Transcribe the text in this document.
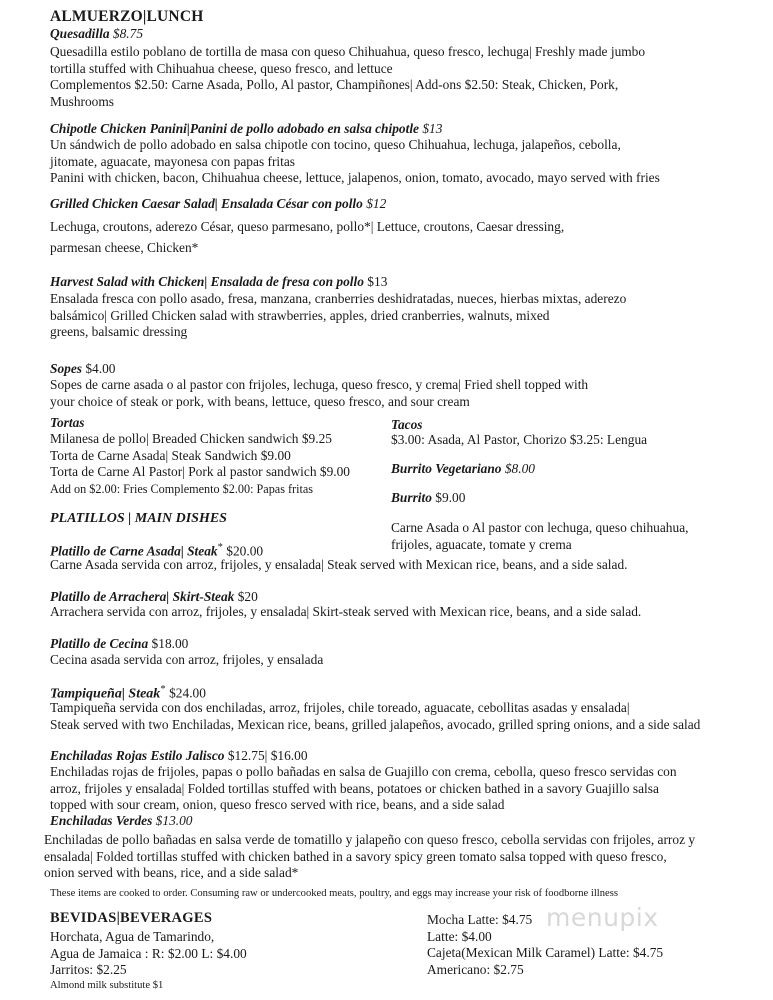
ALMUERZO|LUNCH
Quesadilla $8.75
Quesadilla estilo poblano de tortilla de masa con queso Chihuahua, queso fresco, lechuga| Freshly made jumbo
tortilla stuffed with Chihuahua cheese, queso fresco, and lettuce
Complementos $2.50: Carne Asada, Pollo, Al pastor, Champiñones| Add-ons $2.50: Steak, Chicken, Pork,
Mushrooms
Chipotle Chicken Panini|Panini de pollo adobado en salsa chipotle $13
Un sándwich de pollo adobado en salsa chipotle con tocino, queso Chihuahua, lechuga, jalapeños, cebolla,
jitomate, aguacate, mayonesa con papas fritas
Panini with chicken, bacon, Chihuahua cheese, lettuce, jalapenos, onion, tomato, avocado, mayo served with fries
Grilled Chicken Caesar Salad| Ensalada César con pollo $12
Lechuga, croutons, aderezo César, queso parmesano, pollo*| Lettuce, croutons, Caesar dressing,
parmesan cheese, Chicken*
Harvest Salad with Chicken| Ensalada de fresa con pollo $13
Ensalada fresca con pollo asado, fresa, manzana, cranberries deshidratadas, nueces, hierbas mixtas, aderezo
balsámico| Grilled Chicken salad with strawberries, apples, dried cranberries, walnuts, mixed
greens, balsamic dressing
Sopes $4.00
Sopes de carne asada o al pastor con frijoles, lechuga, queso fresco, y crema| Fried shell topped with
your choice of steak or pork, with beans, lettuce, queso fresco, and sour cream
Tortas
Milanesa de pollo| Breaded Chicken sandwich $9.25
Torta de Carne Asada| Steak Sandwich $9.00
Torta de Carne Al Pastor| Pork al pastor sandwich $9.00
Add on $2.00: Fries Complemento $2.00: Papas fritas
Tacos
$3.00: Asada, Al Pastor, Chorizo $3.25: Lengua
Burrito Vegetariano $8.00
Burrito $9.00
Carne Asada o Al pastor con lechuga, queso chihuahua,
frijoles, aguacate, tomate y crema
PLATILLOS | MAIN DISHES
Platillo de Carne Asada| Steak* $20.00
Carne Asada servida con arroz, frijoles, y ensalada| Steak served with Mexican rice, beans, and a side salad.
Platillo de Arrachera| Skirt-Steak $20
Arrachera servida con arroz, frijoles, y ensalada| Skirt-steak served with Mexican rice, beans, and a side salad.
Platillo de Cecina $18.00
Cecina asada servida con arroz, frijoles, y ensalada
Tampiqueña| Steak* $24.00
Tampiqueña servida con dos enchiladas, arroz, frijoles, chile toreado, aguacate, cebollitas asadas y ensalada|
Steak served with two Enchiladas, Mexican rice, beans, grilled jalapeños, avocado, grilled spring onions, and a side salad
Enchiladas Rojas Estilo Jalisco $12.75| $16.00
Enchiladas rojas de frijoles, papas o pollo bañadas en salsa de Guajillo con crema, cebolla, queso fresco servidas con
arroz, frijoles y ensalada| Folded tortillas stuffed with beans, potatoes or chicken bathed in a savory Guajillo salsa
topped with sour cream, onion, queso fresco served with rice, beans, and a side salad
Enchiladas Verdes $13.00
Enchiladas de pollo bañadas en salsa verde de tomatillo y jalapeño con queso fresco, cebolla servidas con frijoles, arroz y
ensalada| Folded tortillas stuffed with chicken bathed in a savory spicy green tomato salsa topped with queso fresco,
onion served with beans, rice, and a side salad*
These items are cooked to order. Consuming raw or undercooked meats, poultry, and eggs may increase your risk of foodborne illness
BEVIDAS|BEVERAGES
Horchata, Agua de Tamarindo,
Agua de Jamaica : R: $2.00 L: $4.00
Jarritos: $2.25
Almond milk substitute $1
Mocha Latte: $4.75
Latte: $4.00
Cajeta(Mexican Milk Caramel) Latte: $4.75
Americano: $2.75
menupix
